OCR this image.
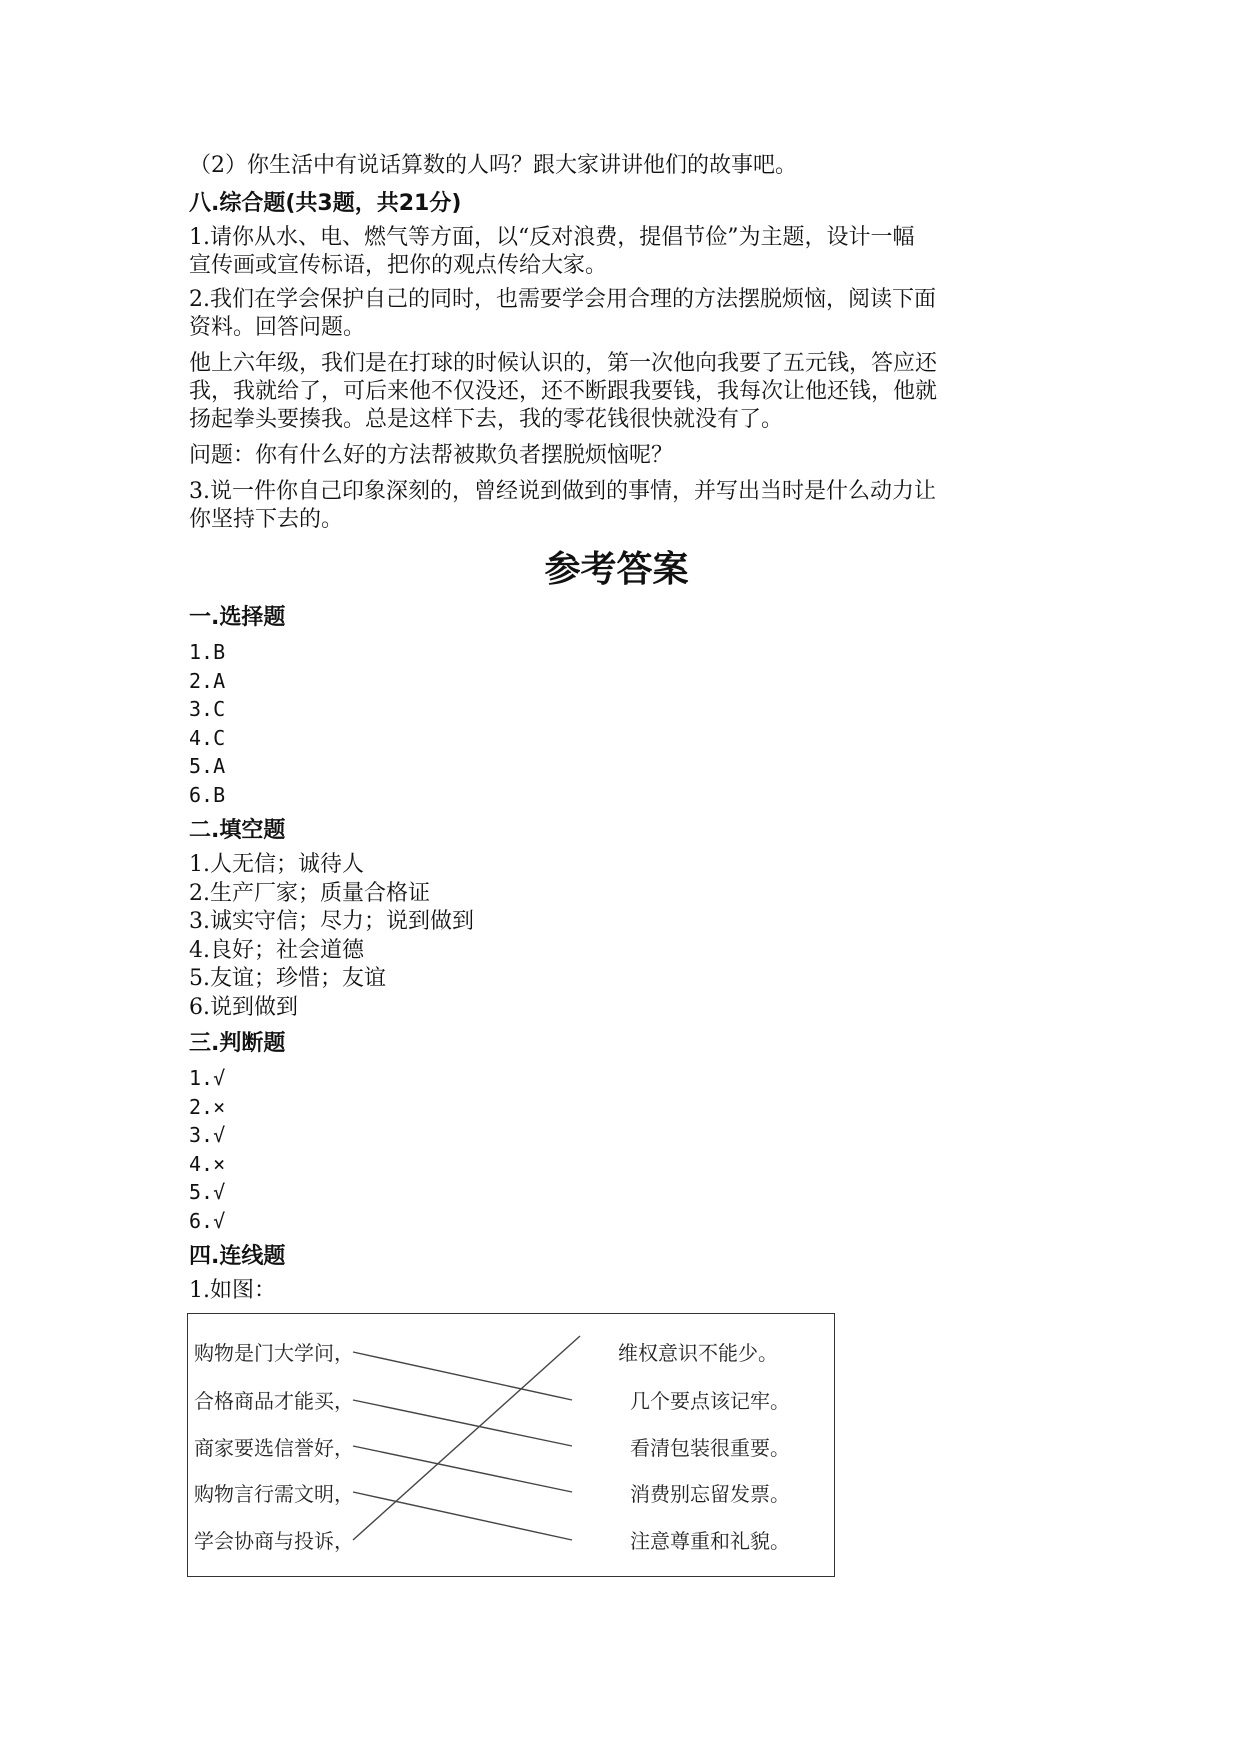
（2）你生活中有说话算数的人吗？跟大家讲讲他们的故事吧。

八.综合题(共3题，共21分)

1.请你从水、电、燃气等方面，以“反对浪费，提倡节俭”为主题，设计一幅

宣传画或宣传标语，把你的观点传给大家。

2.我们在学会保护自己的同时，也需要学会用合理的方法摆脱烦恼，阅读下面

资料。回答问题。

他上六年级，我们是在打球的时候认识的，第一次他向我要了五元钱，答应还

我，我就给了，可后来他不仅没还，还不断跟我要钱，我每次让他还钱，他就

扬起拳头要揍我。总是这样下去，我的零花钱很快就没有了。

问题：你有什么好的方法帮被欺负者摆脱烦恼呢？

3.说一件你自己印象深刻的，曾经说到做到的事情，并写出当时是什么动力让

你坚持下去的。

参考答案
一.选择题

1.B

2.A

3.C

4.C

5.A

6.B

二.填空题

1.人无信；诚待人

2.生产厂家；质量合格证

3.诚实守信；尽力；说到做到

4.良好；社会道德

5.友谊；珍惜；友谊

6.说到做到

三.判断题

1.√

2.×

3.√

4.×

5.√

6.√

四.连线题

1.如图：

购物是门大学问，
合格商品才能买，
商家要选信誉好，
购物言行需文明，
学会协商与投诉，
维权意识不能少。
几个要点该记牢。
看清包装很重要。
消费别忘留发票。
注意尊重和礼貌。
